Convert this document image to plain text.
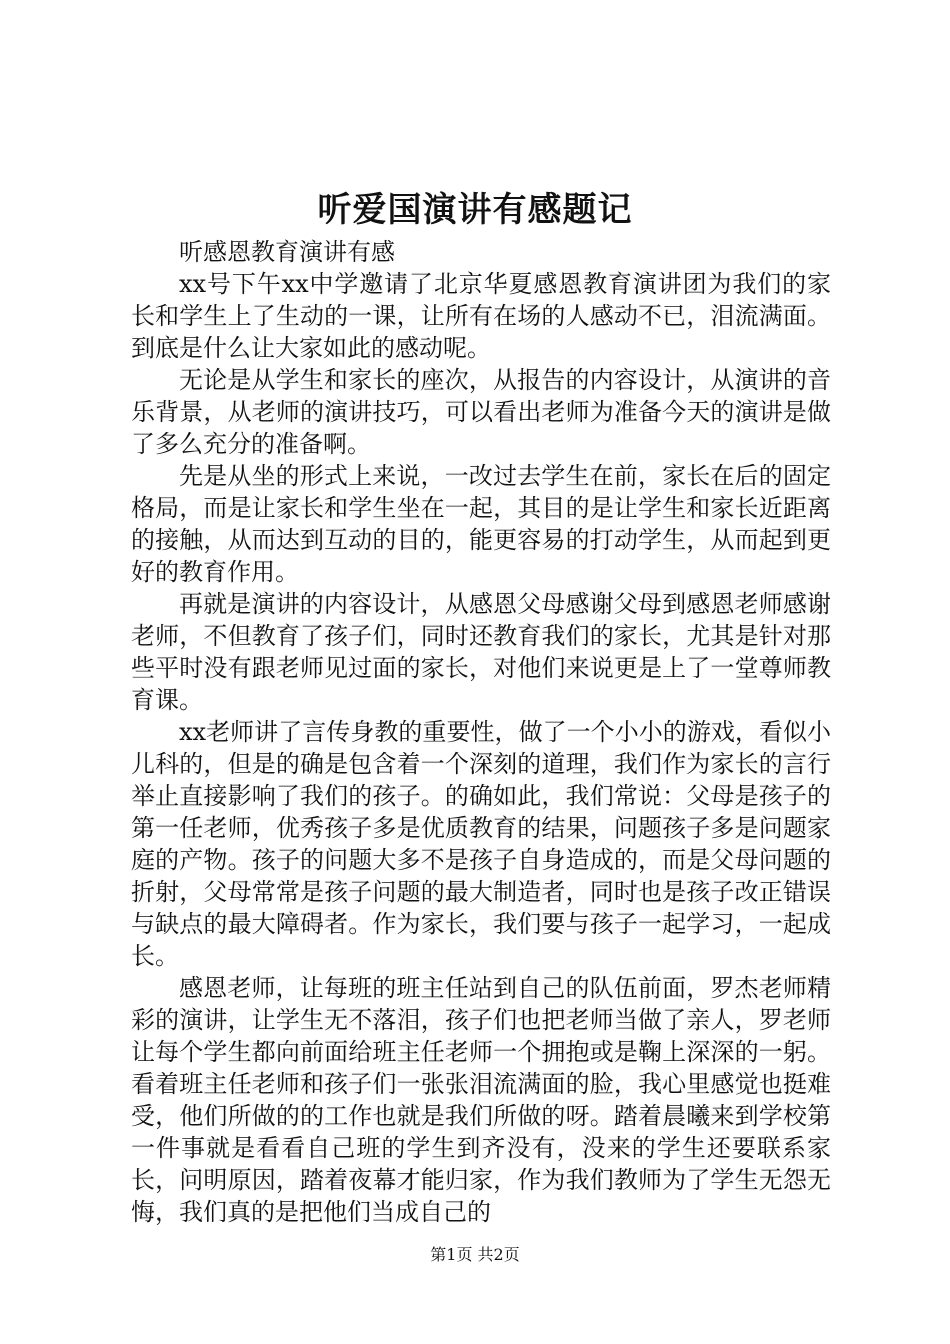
听爱国演讲有感题记

听感恩教育演讲有感

xx号下午xx中学邀请了北京华夏感恩教育演讲团为我们的家长和学生上了生动的一课，让所有在场的人感动不已，泪流满面。到底是什么让大家如此的感动呢。

无论是从学生和家长的座次，从报告的内容设计，从演讲的音乐背景，从老师的演讲技巧，可以看出老师为准备今天的演讲是做了多么充分的准备啊。

先是从坐的形式上来说，一改过去学生在前，家长在后的固定格局，而是让家长和学生坐在一起，其目的是让学生和家长近距离的接触，从而达到互动的目的，能更容易的打动学生，从而起到更好的教育作用。

再就是演讲的内容设计，从感恩父母感谢父母到感恩老师感谢老师，不但教育了孩子们，同时还教育我们的家长，尤其是针对那些平时没有跟老师见过面的家长，对他们来说更是上了一堂尊师教育课。

xx老师讲了言传身教的重要性，做了一个小小的游戏，看似小儿科的，但是的确是包含着一个深刻的道理，我们作为家长的言行举止直接影响了我们的孩子。的确如此，我们常说：父母是孩子的第一任老师，优秀孩子多是优质教育的结果，问题孩子多是问题家庭的产物。孩子的问题大多不是孩子自身造成的，而是父母问题的折射，父母常常是孩子问题的最大制造者，同时也是孩子改正错误与缺点的最大障碍者。作为家长，我们要与孩子一起学习，一起成长。

感恩老师，让每班的班主任站到自己的队伍前面，罗杰老师精彩的演讲，让学生无不落泪，孩子们也把老师当做了亲人，罗老师让每个学生都向前面给班主任老师一个拥抱或是鞠上深深的一躬。看着班主任老师和孩子们一张张泪流满面的脸，我心里感觉也挺难受，他们所做的的工作也就是我们所做的呀。踏着晨曦来到学校第一件事就是看看自己班的学生到齐没有，没来的学生还要联系家长，问明原因，踏着夜幕才能归家，作为我们教师为了学生无怨无悔，我们真的是把他们当成自己的

第1页 共2页
